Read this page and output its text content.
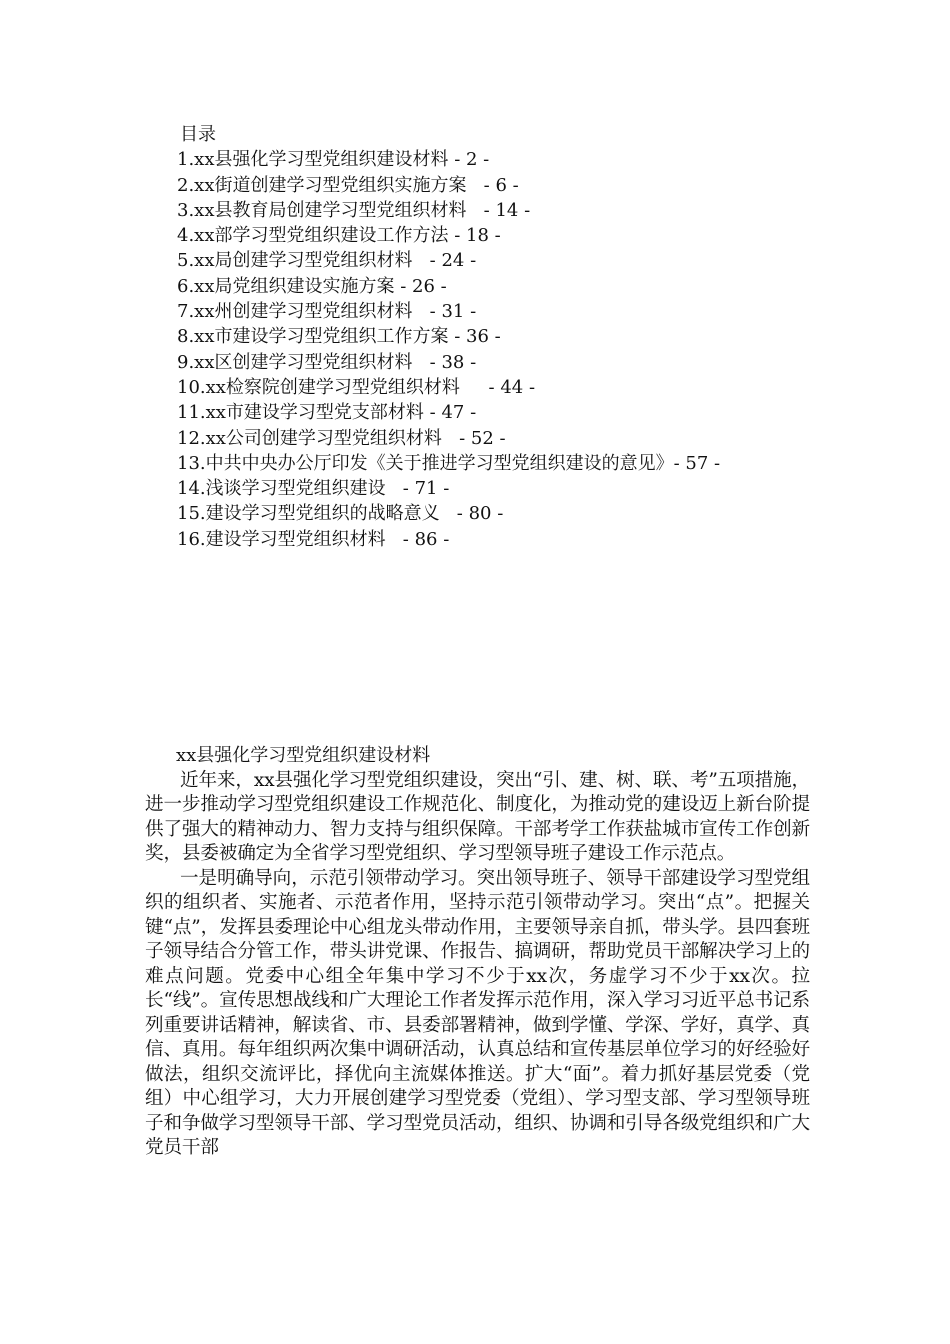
目录
1.xx县强化学习型党组织建设材料 - 2 -
2.xx街道创建学习型党组织实施方案   - 6 -
3.xx县教育局创建学习型党组织材料   - 14 -
4.xx部学习型党组织建设工作方法 - 18 -
5.xx局创建学习型党组织材料   - 24 -
6.xx局党组织建设实施方案 - 26 -
7.xx州创建学习型党组织材料   - 31 -
8.xx市建设学习型党组织工作方案 - 36 -
9.xx区创建学习型党组织材料   - 38 -
10.xx检察院创建学习型党组织材料     - 44 -
11.xx市建设学习型党支部材料 - 47 -
12.xx公司创建学习型党组织材料   - 52 -
13.中共中央办公厅印发《关于推进学习型党组织建设的意见》- 57 -
14.浅谈学习型党组织建设   - 71 -
15.建设学习型党组织的战略意义   - 80 -
16.建设学习型党组织材料   - 86 -
xx县强化学习型党组织建设材料

近年来，xx县强化学习型党组织建设，突出“引、建、树、联、考”五项措施，进一步推动学习型党组织建设工作规范化、制度化，为推动党的建设迈上新台阶提供了强大的精神动力、智力支持与组织保障。干部考学工作获盐城市宣传工作创新奖，县委被确定为全省学习型党组织、学习型领导班子建设工作示范点。

一是明确导向，示范引领带动学习。突出领导班子、领导干部建设学习型党组织的组织者、实施者、示范者作用，坚持示范引领带动学习。突出“点”。把握关键“点”，发挥县委理论中心组龙头带动作用，主要领导亲自抓，带头学。县四套班子领导结合分管工作，带头讲党课、作报告、搞调研，帮助党员干部解决学习上的难点问题。党委中心组全年集中学习不少于xx次，务虚学习不少于xx次。拉长“线”。宣传思想战线和广大理论工作者发挥示范作用，深入学习习近平总书记系列重要讲话精神，解读省、市、县委部署精神，做到学懂、学深、学好，真学、真信、真用。每年组织两次集中调研活动，认真总结和宣传基层单位学习的好经验好做法，组织交流评比，择优向主流媒体推送。扩大“面”。着力抓好基层党委（党组）中心组学习，大力开展创建学习型党委（党组）、学习型支部、学习型领导班子和争做学习型领导干部、学习型党员活动，组织、协调和引导各级党组织和广大党员干部
